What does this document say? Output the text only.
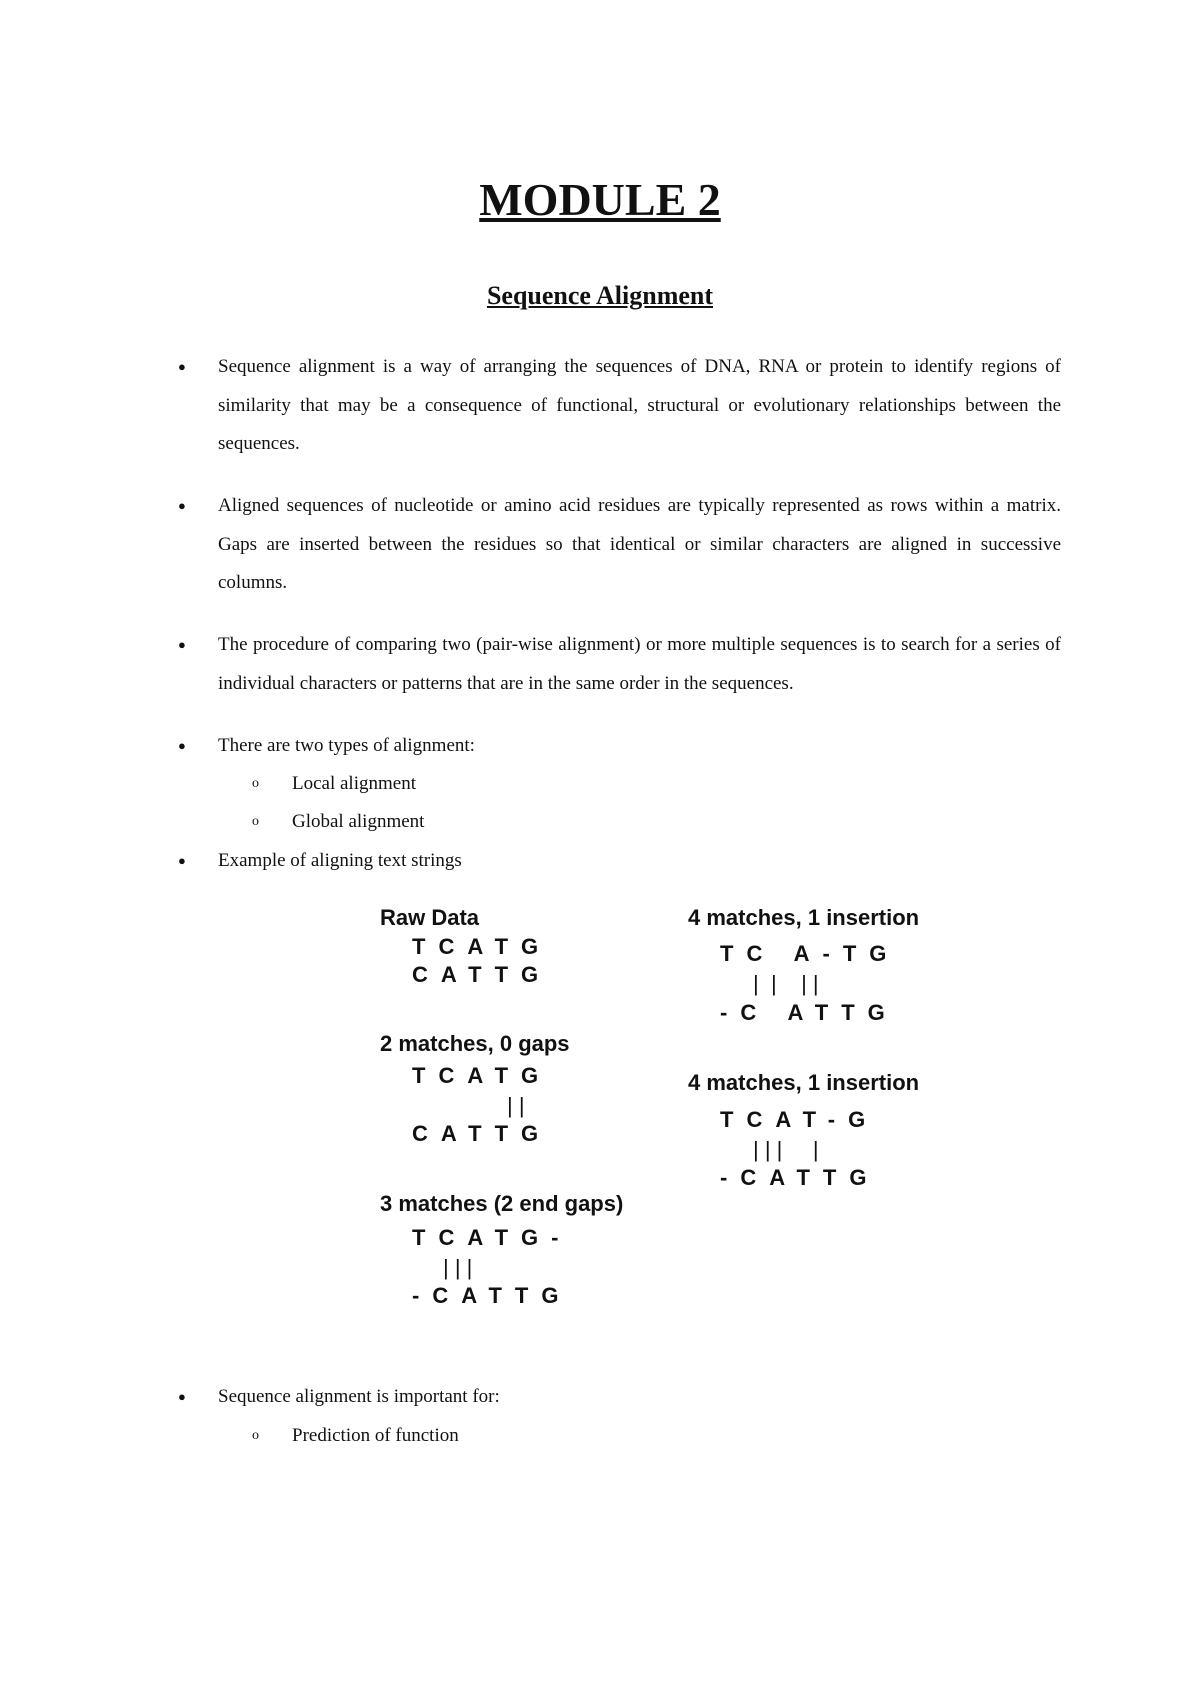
MODULE 2
Sequence Alignment
●	Sequence alignment is a way of arranging the sequences of DNA, RNA or protein to identify regions of similarity that may be a consequence of functional, structural or evolutionary relationships between the sequences.
●	Aligned sequences of nucleotide or amino acid residues are typically represented as rows within a matrix. Gaps are inserted between the residues so that identical or similar characters are aligned in successive columns.
●	The procedure of comparing two (pair-wise alignment) or more multiple sequences is to search for a series of individual characters or patterns that are in the same order in the sequences.
●	There are two types of alignment:
o	Local alignment
o	Global alignment
●	Example of aligning text strings
Raw Data
TCATG
CATTG
2 matches, 0 gaps
TCATG
| |
CATTG
3 matches (2 end gaps)
TCATG-
| | |
-CATTG
4 matches, 1 insertion
TC A-TG
|  |    | |
-C ATTG
4 matches, 1 insertion
TCAT-G
| | |     |
-CATTG
●	Sequence alignment is important for:
o	Prediction of function
